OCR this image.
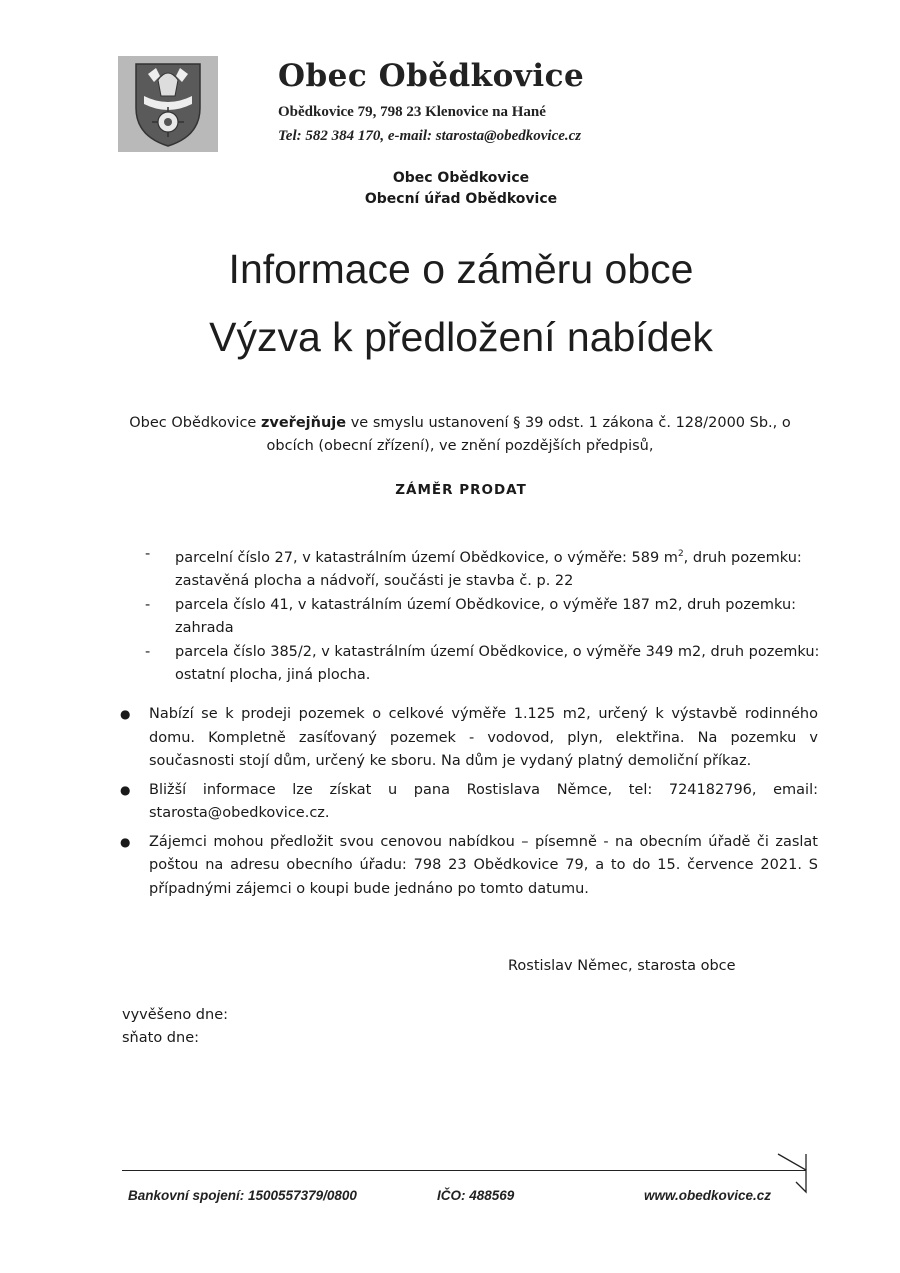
Obec Obědkovice
Obědkovice 79, 798 23 Klenovice na Hané
Tel: 582 384 170, e-mail: starosta@obedkovice.cz
Obec Obědkovice
Obecní úřad Obědkovice
Informace o záměru obce
Výzva k předložení nabídek
Obec Obědkovice zveřejňuje ve smyslu ustanovení § 39 odst. 1 zákona č. 128/2000 Sb., o obcích (obecní zřízení), ve znění pozdějších předpisů,
ZÁMĚR PRODAT
- parcelní číslo 27, v katastrálním území Obědkovice, o výměře: 589 $m^2$, druh pozemku: zastavěná plocha a nádvoří, součásti je stavba č. p. 22
- parcela číslo 41, v katastrálním území Obědkovice, o výměře 187 m2, druh pozemku: zahrada
- parcela číslo 385/2, v katastrálním území Obědkovice, o výměře 349 m2, druh pozemku: ostatní plocha, jiná plocha.
● Nabízí se k prodeji pozemek o celkové výměře 1.125 m2, určený k výstavbě rodinného domu. Kompletně zasíťovaný pozemek - vodovod, plyn, elektřina. Na pozemku v současnosti stojí dům, určený ke sboru. Na dům je vydaný platný demoliční příkaz.
● Bližší informace lze získat u pana Rostislava Němce, tel: 724182796, email: starosta@obedkovice.cz.
● Zájemci mohou předložit svou cenovou nabídkou – písemně - na obecním úřadě či zaslat poštou na adresu obecního úřadu: 798 23 Obědkovice 79, a to do 15. července 2021. S případnými zájemci o koupi bude jednáno po tomto datumu.
Rostislav Němec, starosta obce
vyvěšeno dne:
sňato dne:
Bankovní spojení: 1500557379/0800	IČO: 488569	www.obedkovice.cz
